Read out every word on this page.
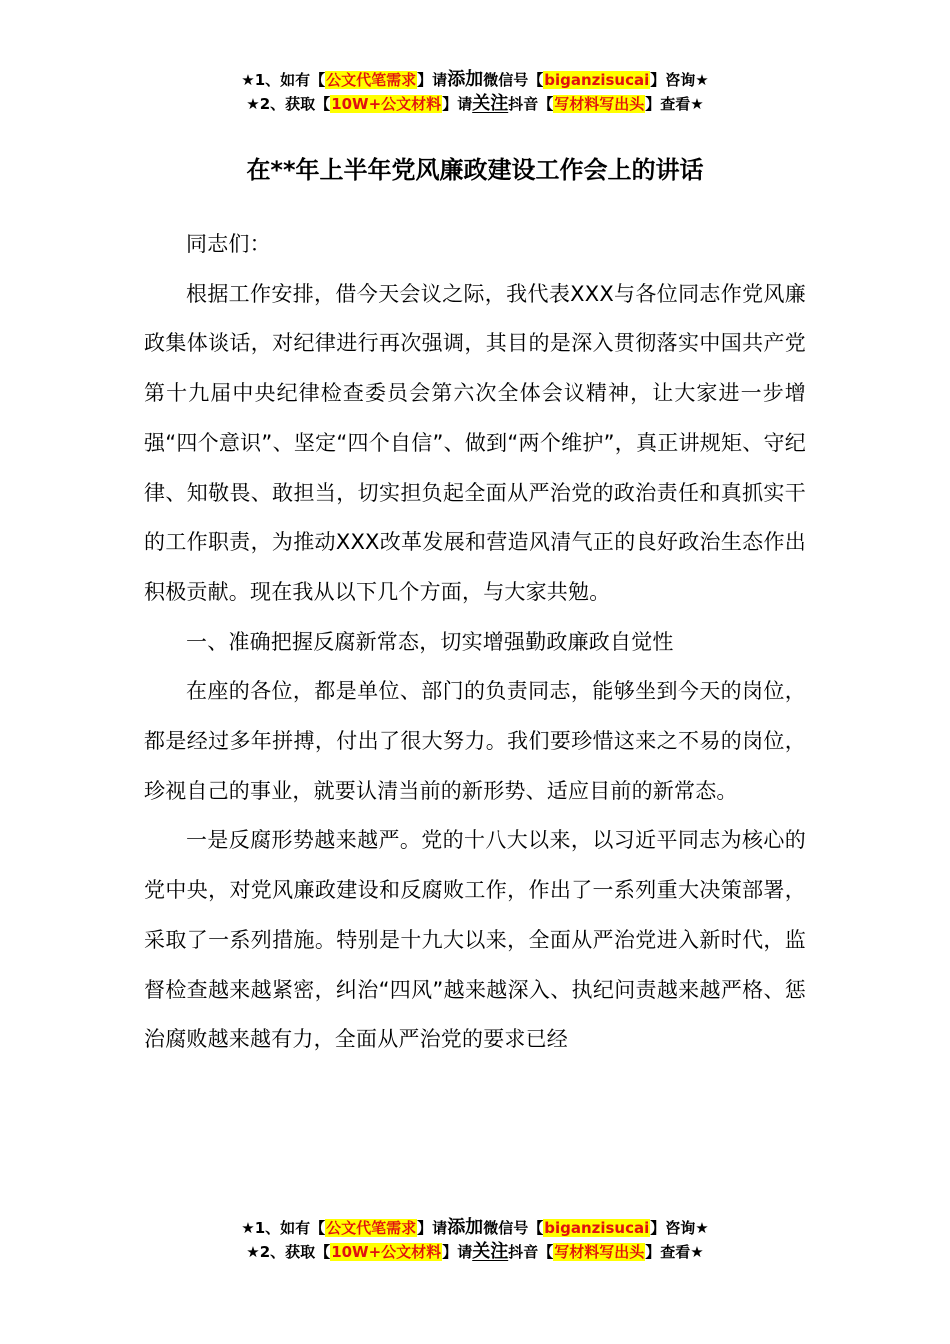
★1、如有【公文代笔需求】请添加微信号【biganzisucai】咨询★
★2、获取【10W+公文材料】请关注抖音【写材料写出头】查看★
在**年上半年党风廉政建设工作会上的讲话

同志们：

根据工作安排，借今天会议之际，我代表XXX与各位同志作党风廉政集体谈话，对纪律进行再次强调，其目的是深入贯彻落实中国共产党第十九届中央纪律检查委员会第六次全体会议精神，让大家进一步增强“四个意识”、坚定“四个自信”、做到“两个维护”，真正讲规矩、守纪律、知敬畏、敢担当，切实担负起全面从严治党的政治责任和真抓实干的工作职责，为推动XXX改革发展和营造风清气正的良好政治生态作出积极贡献。现在我从以下几个方面，与大家共勉。

一、准确把握反腐新常态，切实增强勤政廉政自觉性

在座的各位，都是单位、部门的负责同志，能够坐到今天的岗位，都是经过多年拼搏，付出了很大努力。我们要珍惜这来之不易的岗位，珍视自己的事业，就要认清当前的新形势、适应目前的新常态。

一是反腐形势越来越严。党的十八大以来，以习近平同志为核心的党中央，对党风廉政建设和反腐败工作，作出了一系列重大决策部署，采取了一系列措施。特别是十九大以来，全面从严治党进入新时代，监督检查越来越紧密，纠治“四风”越来越深入、执纪问责越来越严格、惩治腐败越来越有力，全面从严治党的要求已经

★1、如有【公文代笔需求】请添加微信号【biganzisucai】咨询★
★2、获取【10W+公文材料】请关注抖音【写材料写出头】查看★
